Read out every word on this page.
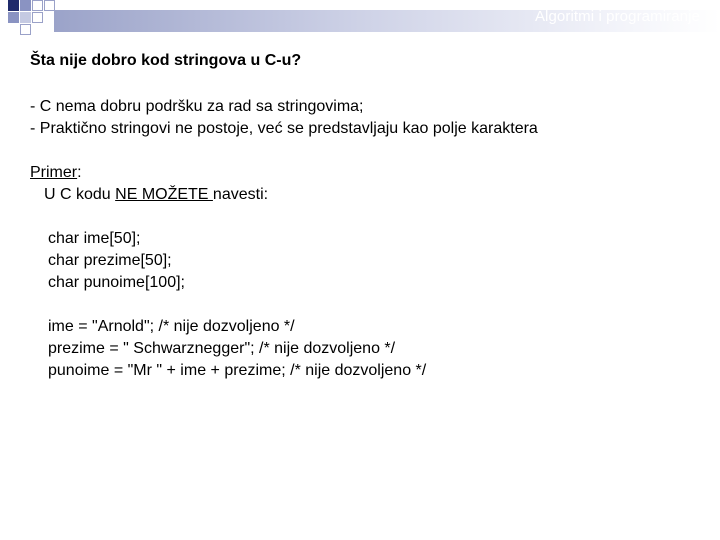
Algoritmi i programiranje
Šta nije dobro kod stringova u C-u?
- C nema dobru podršku za rad sa stringovima;
- Praktično stringovi ne postoje, već se predstavljaju kao polje karaktera
Primer:
U C kodu NE MOŽETE navesti:
char ime[50];
char prezime[50];
char punoime[100];
ime = "Arnold"; /* nije dozvoljeno */
prezime = " Schwarznegger"; /* nije dozvoljeno */
punoime = "Mr " + ime + prezime; /* nije dozvoljeno */
